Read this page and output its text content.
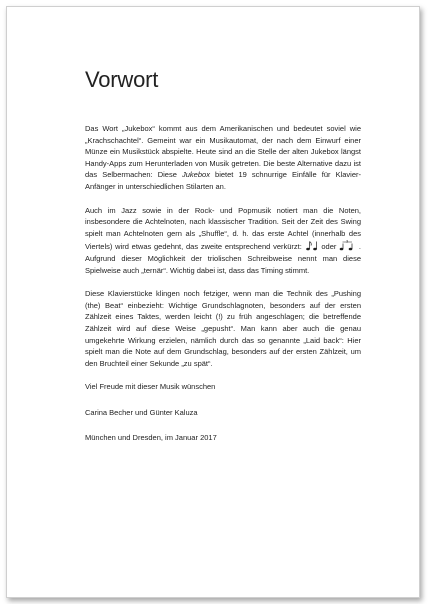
Vorwort

Das Wort „Jukebox“ kommt aus dem Amerikanischen und bedeutet soviel wie „Krachschachtel“. Gemeint war ein Musikautomat, der nach dem Einwurf einer Münze ein Musikstück abspielte. Heute sind an die Stelle der alten Jukebox längst Handy-Apps zum Herunterladen von Musik getreten. Die beste Alternative dazu ist das Selbermachen: Diese Jukebox bietet 19 schnurrige Einfälle für Klavier-Anfänger in unterschiedlichen Stilarten an.

Auch im Jazz sowie in der Rock- und Popmusik notiert man die Noten, insbesondere die Achtelnoten, nach klassischer Tradition. Seit der Zeit des Swing spielt man Achtelnoten gern als „Shuffle“, d. h. das erste Achtel (innerhalb des Viertels) wird etwas gedehnt, das zweite entsprechend verkürzt:  oder
3
. Aufgrund dieser Möglichkeit der triolischen Schreibweise nennt man diese Spielweise auch „ternär“. Wichtig dabei ist, dass das Timing stimmt.

Diese Klavierstücke klingen noch fetziger, wenn man die Technik des „Pushing (the) Beat“ einbezieht: Wichtige Grundschlagnoten, besonders auf der ersten Zählzeit eines Taktes, werden leicht (!) zu früh angeschlagen; die betreffende Zählzeit wird auf diese Weise „gepusht“. Man kann aber auch die genau umgekehrte Wirkung erzielen, nämlich durch das so genannte „Laid back“: Hier spielt man die Note auf dem Grundschlag, besonders auf der ersten Zählzeit, um den Bruchteil einer Sekunde „zu spät“.

Viel Freude mit dieser Musik wünschen

Carina Becher und Günter Kaluza

München und Dresden, im Januar 2017
